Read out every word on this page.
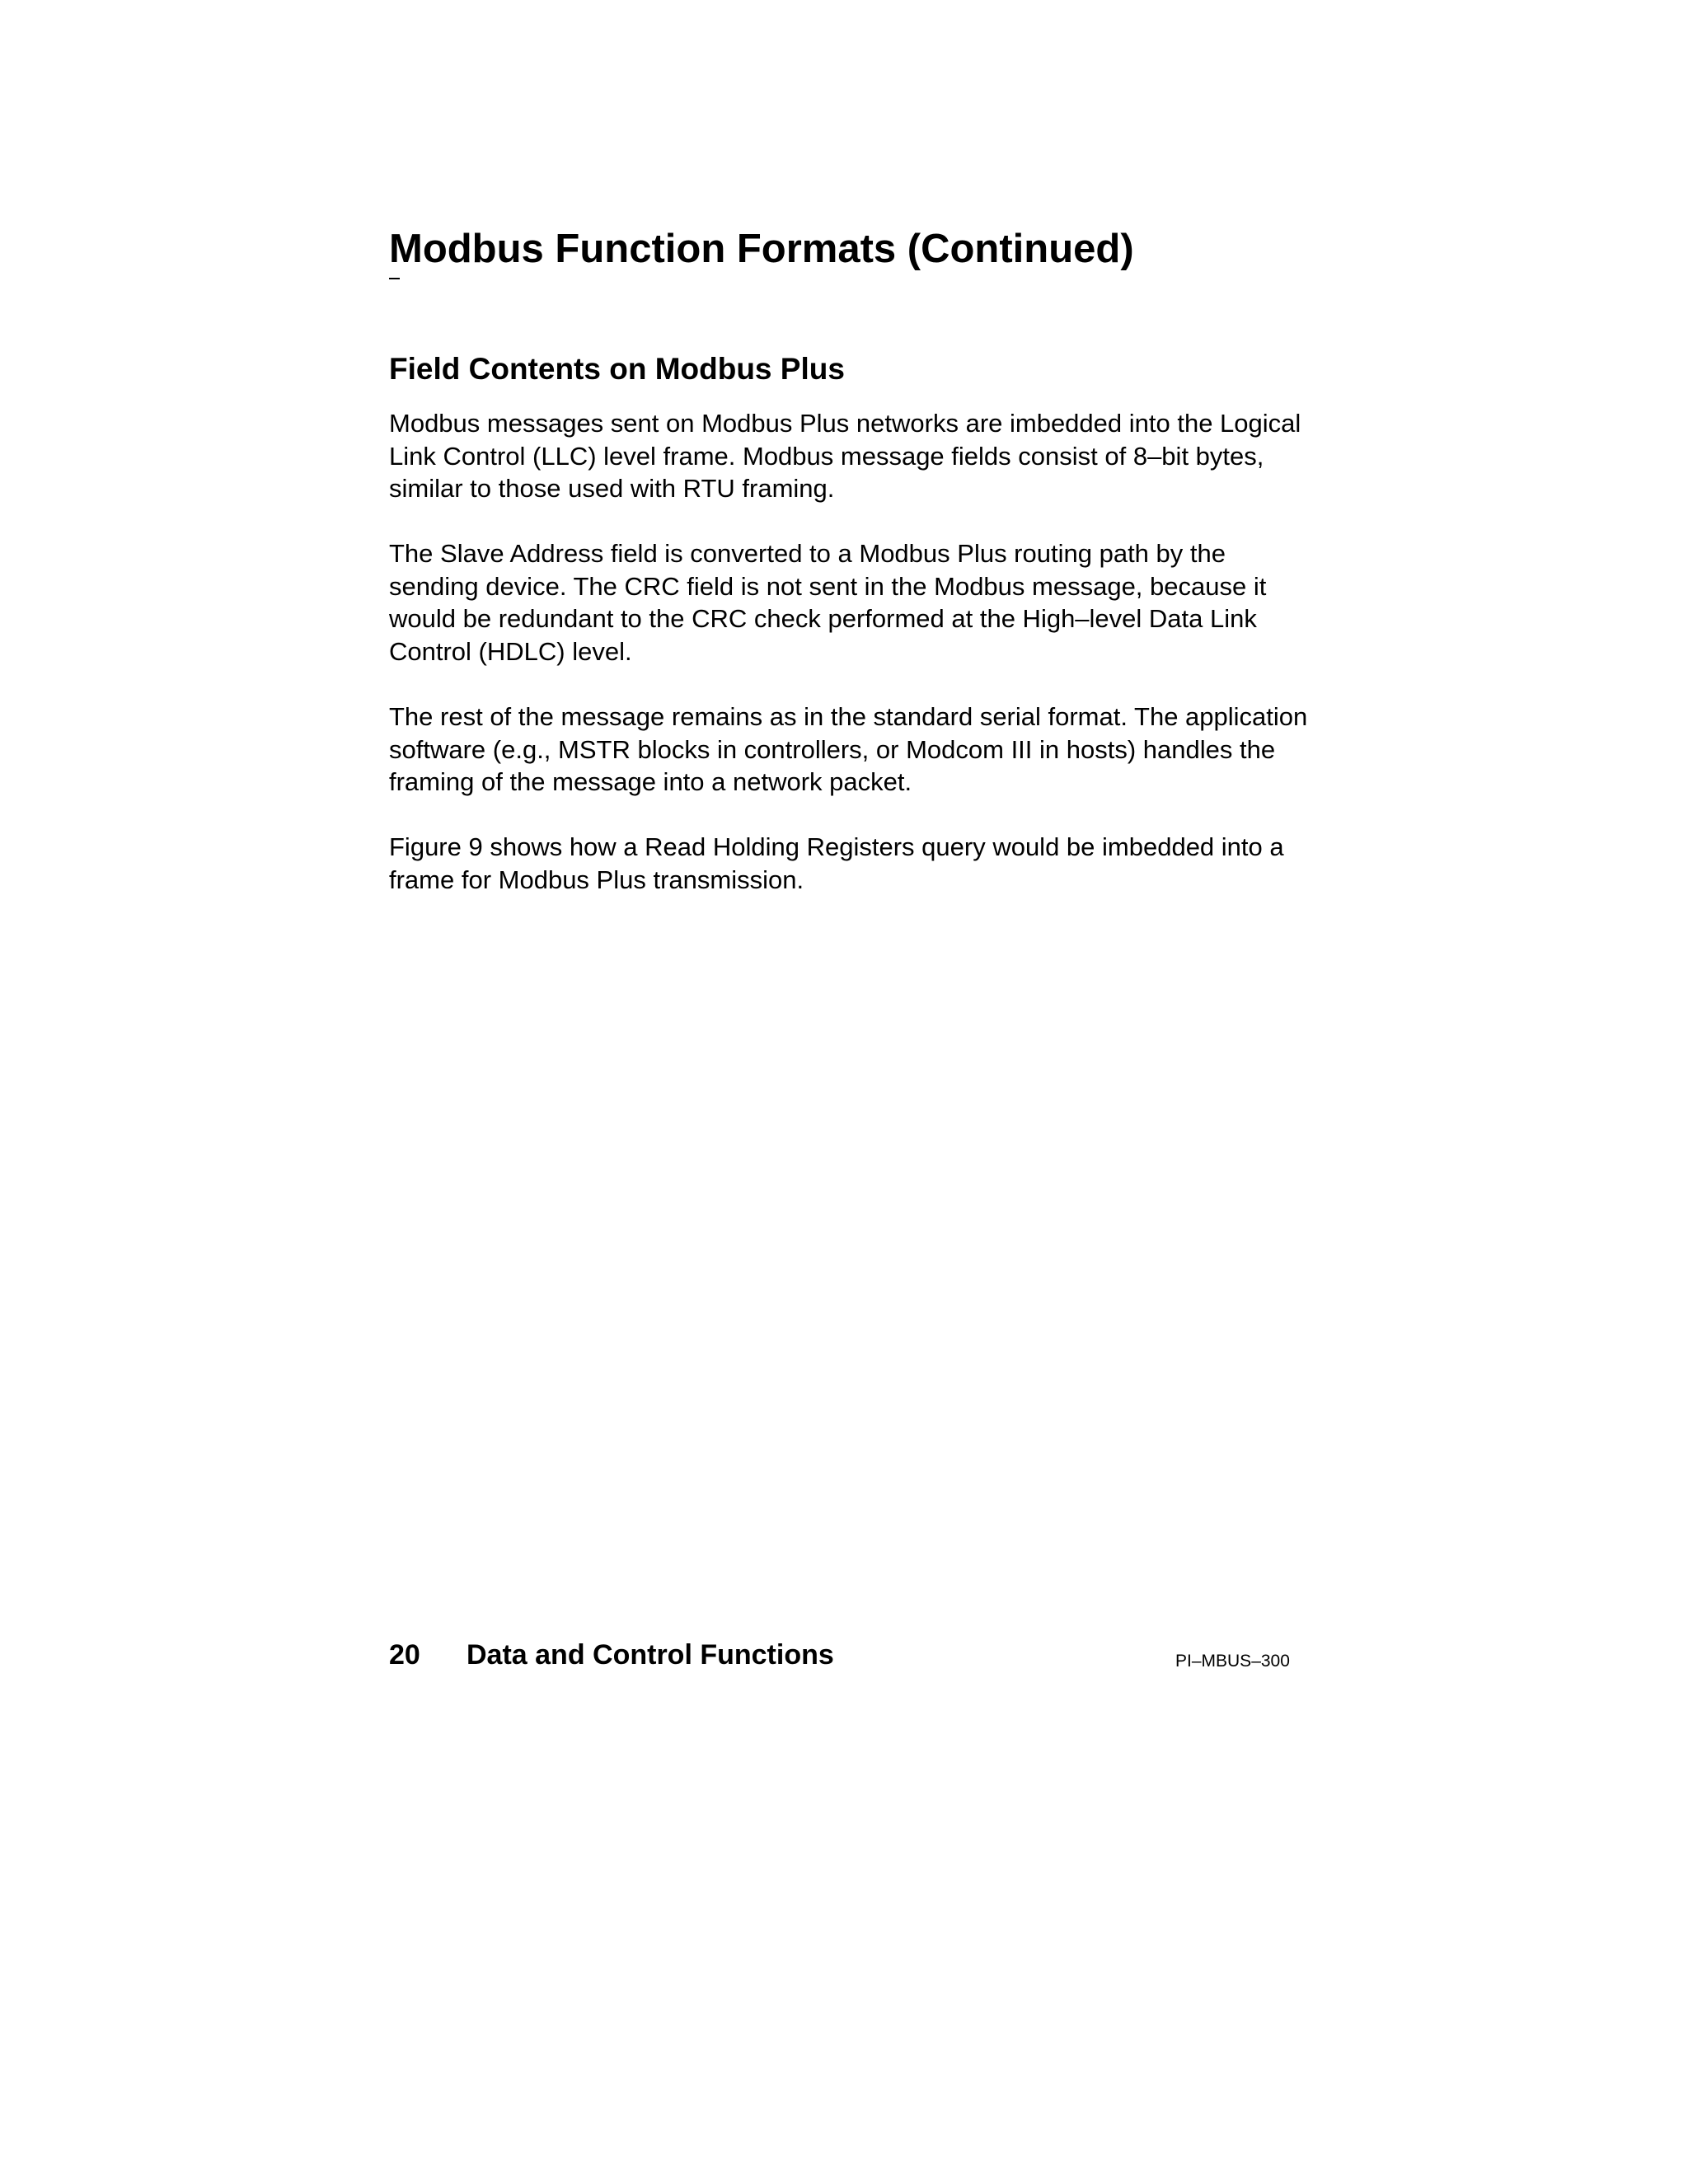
Modbus Function Formats (Continued)
Field Contents on Modbus Plus

Modbus messages sent on Modbus Plus networks are imbedded into the Logical
Link Control (LLC) level frame. Modbus message fields consist of 8–bit bytes,
similar to those used with RTU framing.

The Slave Address field is converted to a Modbus Plus routing path by the
sending device. The CRC field is not sent in the Modbus message, because it
would be redundant to the CRC check performed at the High–level Data Link
Control (HDLC) level.

The rest of the message remains as in the standard serial format. The application
software (e.g., MSTR blocks in controllers, or Modcom III in hosts) handles the
framing of the message into a network packet.

Figure 9 shows how a Read Holding Registers query would be imbedded into a
frame for Modbus Plus transmission.

20 Data and Control Functions	PI–MBUS–300
